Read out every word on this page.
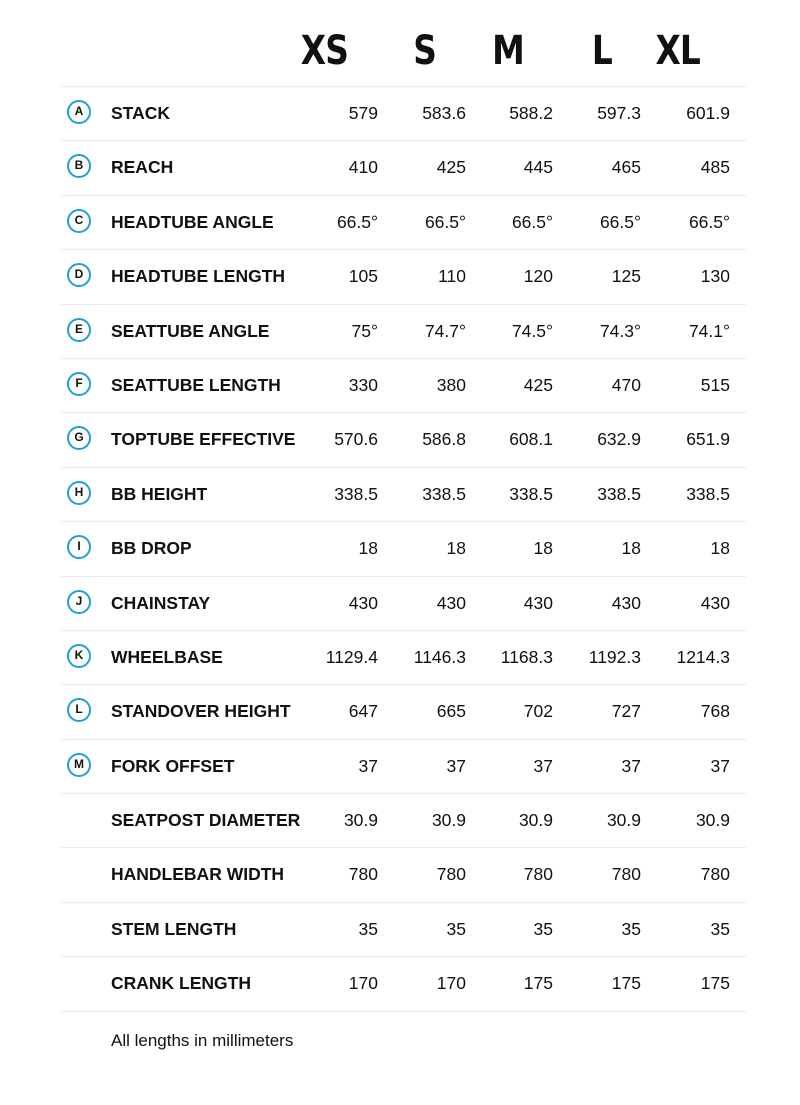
XS	S	M	L	XL
A	STACK	579	583.6	588.2	597.3	601.9
B	REACH	410	425	445	465	485
C	HEADTUBE ANGLE	66.5°	66.5°	66.5°	66.5°	66.5°
D	HEADTUBE LENGTH	105	110	120	125	130
E	SEATTUBE ANGLE	75°	74.7°	74.5°	74.3°	74.1°
F	SEATTUBE LENGTH	330	380	425	470	515
G	TOPTUBE EFFECTIVE	570.6	586.8	608.1	632.9	651.9
H	BB HEIGHT	338.5	338.5	338.5	338.5	338.5
I	BB DROP	18	18	18	18	18
J	CHAINSTAY	430	430	430	430	430
K	WHEELBASE	1129.4	1146.3	1168.3	1192.3	1214.3
L	STANDOVER HEIGHT	647	665	702	727	768
M	FORK OFFSET	37	37	37	37	37
SEATPOST DIAMETER	30.9	30.9	30.9	30.9	30.9
HANDLEBAR WIDTH	780	780	780	780	780
STEM LENGTH	35	35	35	35	35
CRANK LENGTH	170	170	175	175	175
All lengths in millimeters
